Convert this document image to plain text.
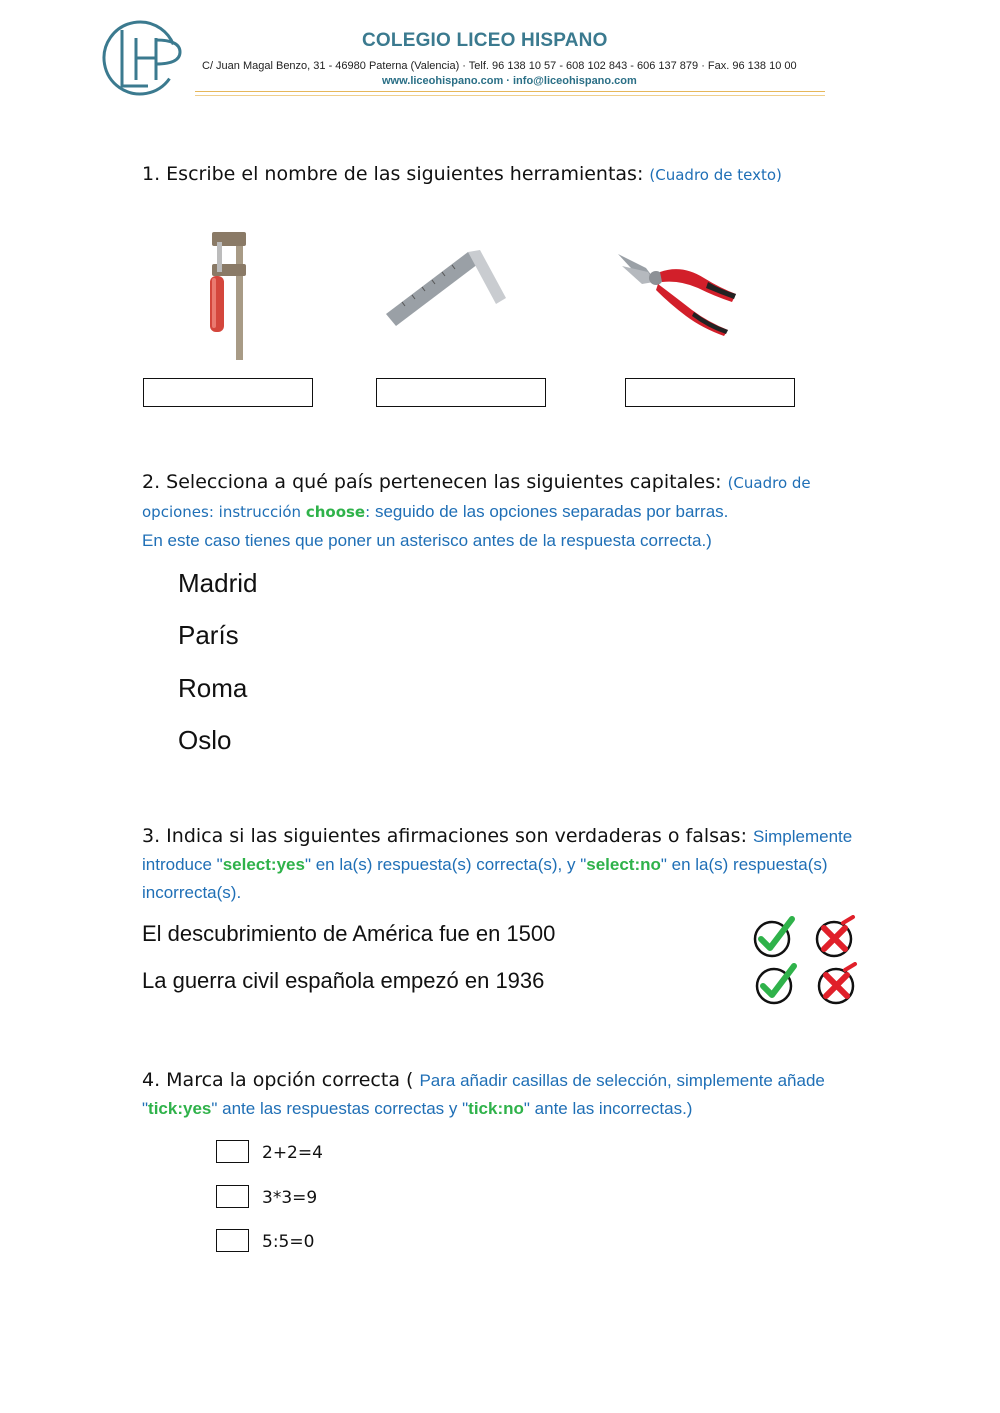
COLEGIO LICEO HISPANO
C/ Juan Magal Benzo, 31 - 46980 Paterna (Valencia) · Telf. 96 138 10 57 - 608 102 843 - 606 137 879 · Fax. 96 138 10 00
www.liceohispano.com · info@liceohispano.com
1. Escribe el nombre de las siguientes herramientas: (Cuadro de texto)
2. Selecciona a qué país pertenecen las siguientes capitales: (Cuadro de opciones: instrucción choose: seguido de las opciones separadas por barras.
En este caso tienes que poner un asterisco antes de la respuesta correcta.)
Madrid
París
Roma
Oslo
3. Indica si las siguientes afirmaciones son verdaderas o falsas: Simplemente introduce "select:yes" en la(s) respuesta(s) correcta(s), y "select:no" en la(s) respuesta(s) incorrecta(s).
El descubrimiento de América fue en 1500
La guerra civil española empezó en 1936
4. Marca la opción correcta ( Para añadir casillas de selección, simplemente añade "tick:yes" ante las respuestas correctas y "tick:no" ante las incorrectas.)
2+2=4
3*3=9
5:5=0
